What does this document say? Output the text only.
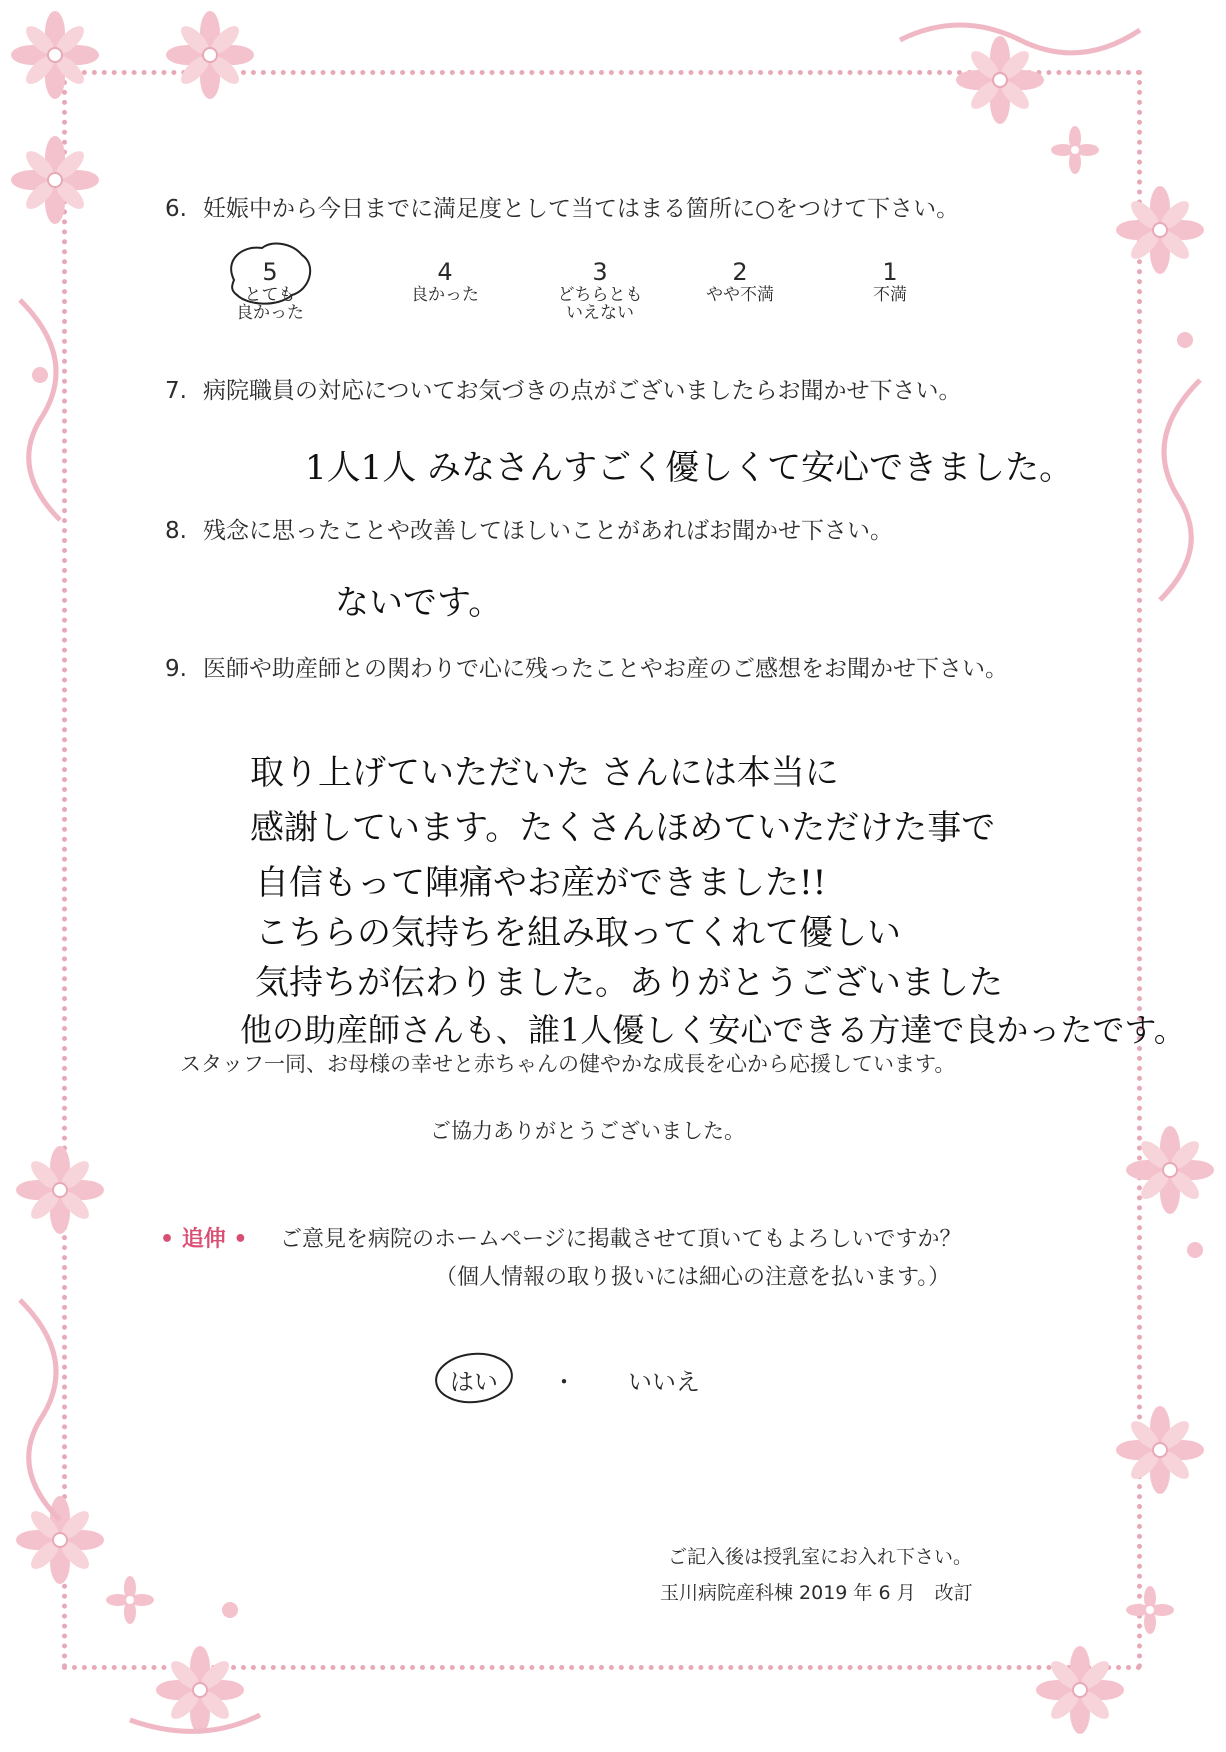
6. 妊娠中から今日までに満足度として当てはまる箇所に○をつけて下さい。
5
とても
良かった
4
良かった
3
どちらとも
いえない
2
やや不満
1
不満
7. 病院職員の対応についてお気づきの点がございましたらお聞かせ下さい。
1人1人 みなさんすごく優しくて安心できました。
8. 残念に思ったことや改善してほしいことがあればお聞かせ下さい。
ないです。
9. 医師や助産師との関わりで心に残ったことやお産のご感想をお聞かせ下さい。
取り上げていただいた さんには本当に
感謝しています。たくさんほめていただけた事で
自信もって陣痛やお産ができました!!
こちらの気持ちを組み取ってくれて優しい
気持ちが伝わりました。ありがとうございました
他の助産師さんも、誰1人優しく安心できる方達で良かったです。
スタッフ一同、お母様の幸せと赤ちゃんの健やかな成長を心から応援しています。
ご協力ありがとうございました。
• 追伸 • ご意見を病院のホームページに掲載させて頂いてもよろしいですか？
（個人情報の取り扱いには細心の注意を払います。）
はい ・ いいえ
ご記入後は授乳室にお入れ下さい。
玉川病院産科棟 2019 年 6 月　改訂
